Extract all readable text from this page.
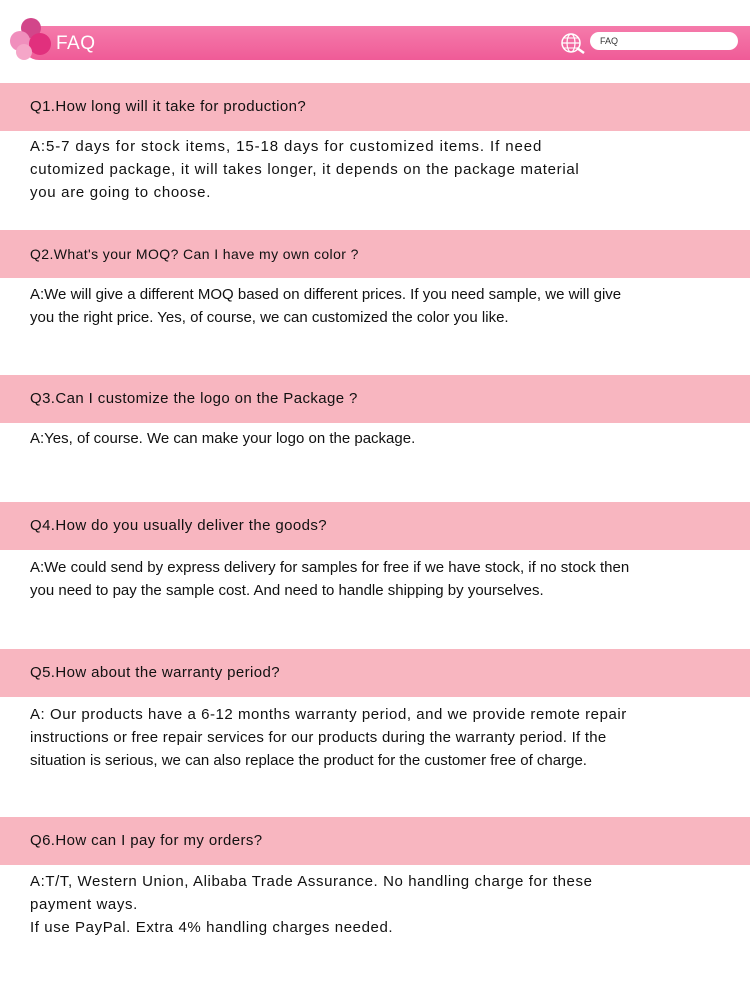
FAQ	FAQ
Q1.How long will it take for production?
A:5-7 days for stock items, 15-18 days for customized items. If need
cutomized package, it will takes longer, it depends on the package material
you are going to choose.
Q2.What's your MOQ? Can I have my own color ?
A:We will give a different MOQ based on different prices. If you need sample, we will give
you the right price. Yes, of course, we can customized the color you like.
Q3.Can I customize the logo on the Package ?
A:Yes, of course. We can make your logo on the package.
Q4.How do you usually deliver the goods?
A:We could send by express delivery for samples for free if we have stock, if no stock then
you need to pay the sample cost. And need to handle shipping by yourselves.
Q5.How about the warranty period?
A: Our products have a 6-12 months warranty period, and we provide remote repair
instructions or free repair services for our products during the warranty period. If the
situation is serious, we can also replace the product for the customer free of charge.
Q6.How can I pay for my orders?
A:T/T, Western Union, Alibaba Trade Assurance. No handling charge for these
payment ways.
If use PayPal. Extra 4% handling charges needed.
